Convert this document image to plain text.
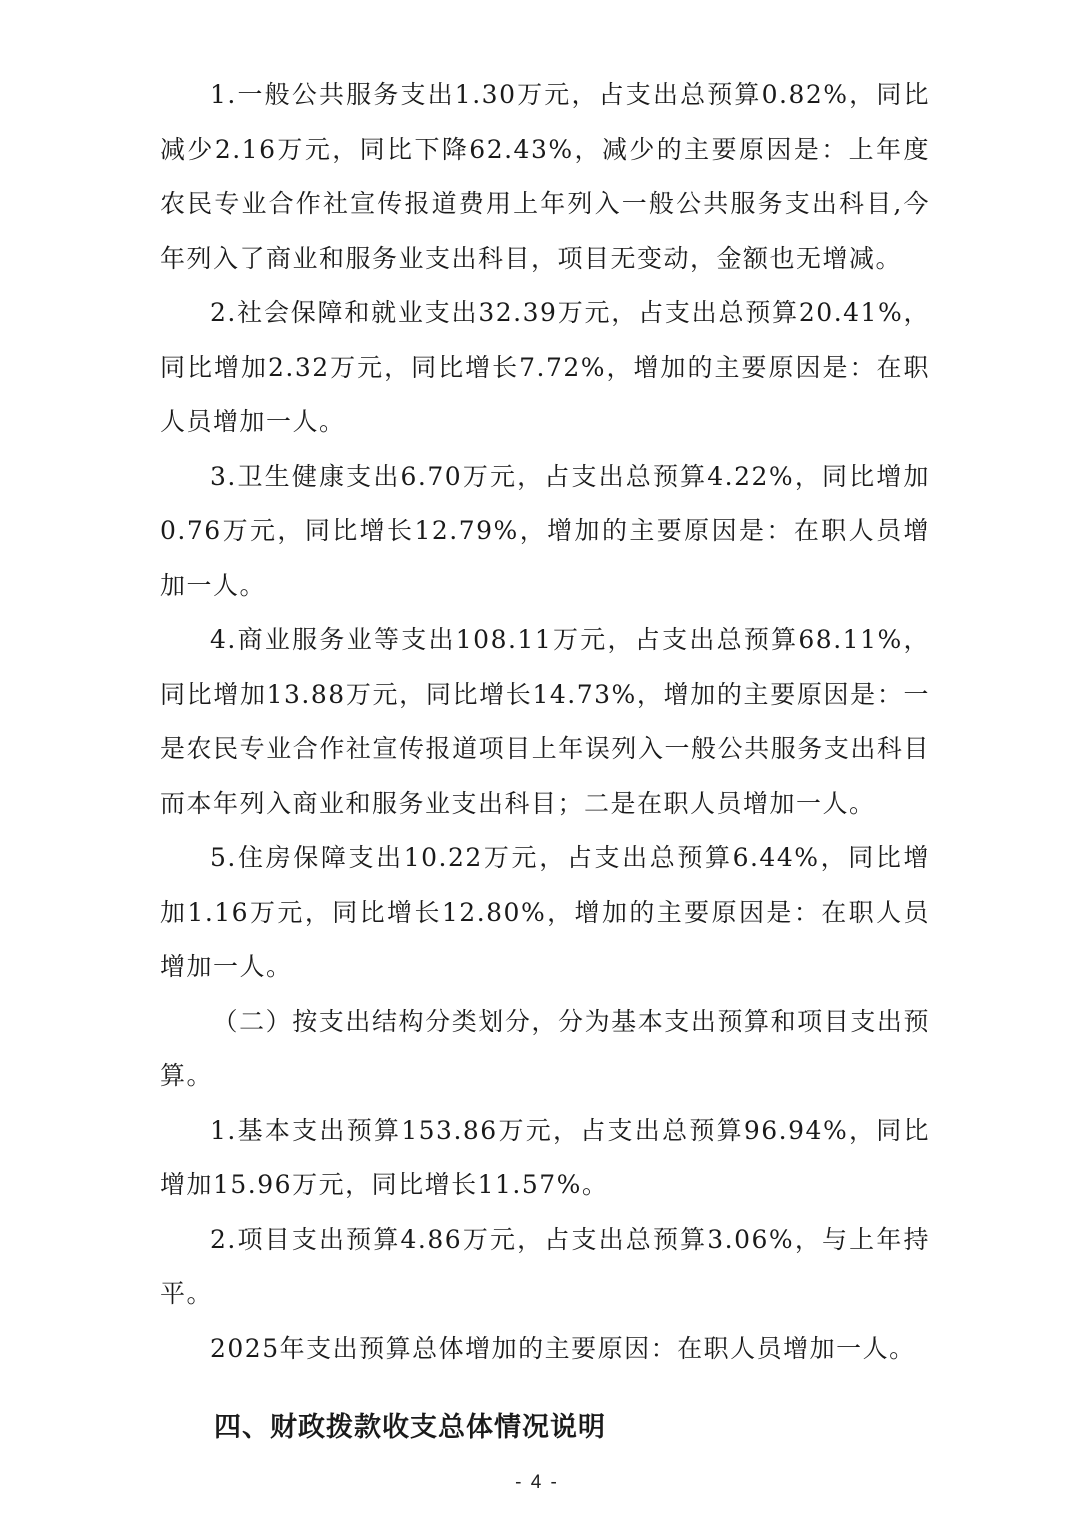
1.一般公共服务支出1.30万元，占支出总预算0.82%，同比减少2.16万元，同比下降62.43%，减少的主要原因是：上年度农民专业合作社宣传报道费用上年列入一般公共服务支出科目,今年列入了商业和服务业支出科目，项目无变动，金额也无增减。

2.社会保障和就业支出32.39万元，占支出总预算20.41%，同比增加2.32万元，同比增长7.72%，增加的主要原因是：在职人员增加一人。

3.卫生健康支出6.70万元，占支出总预算4.22%，同比增加0.76万元，同比增长12.79%，增加的主要原因是：在职人员增加一人。

4.商业服务业等支出108.11万元，占支出总预算68.11%，同比增加13.88万元，同比增长14.73%，增加的主要原因是：一是农民专业合作社宣传报道项目上年误列入一般公共服务支出科目而本年列入商业和服务业支出科目；二是在职人员增加一人。

5.住房保障支出10.22万元，占支出总预算6.44%，同比增加1.16万元，同比增长12.80%，增加的主要原因是：在职人员增加一人。

（二）按支出结构分类划分，分为基本支出预算和项目支出预算。

1.基本支出预算153.86万元，占支出总预算96.94%，同比增加15.96万元，同比增长11.57%。

2.项目支出预算4.86万元，占支出总预算3.06%，与上年持平。

2025年支出预算总体增加的主要原因：在职人员增加一人。

四、财政拨款收支总体情况说明
- 4 -
